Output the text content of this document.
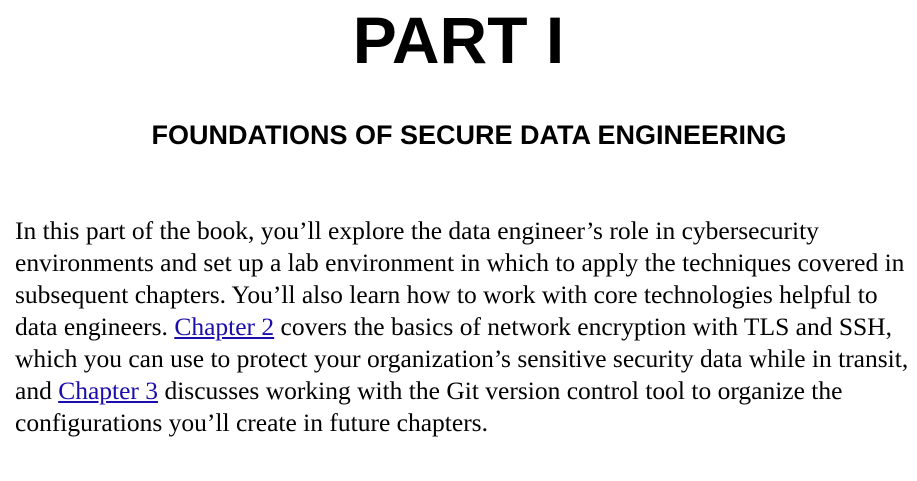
PART I
FOUNDATIONS OF SECURE DATA ENGINEERING

In this part of the book, you’ll explore the data engineer’s role in cybersecurity environments and set up a lab environment in which to apply the techniques covered in subsequent chapters. You’ll also learn how to work with core technologies helpful to data engineers. Chapter 2 covers the basics of network encryption with TLS and SSH, which you can use to protect your organization’s sensitive security data while in transit, and Chapter 3 discusses working with the Git version control tool to organize the configurations you’ll create in future chapters.
